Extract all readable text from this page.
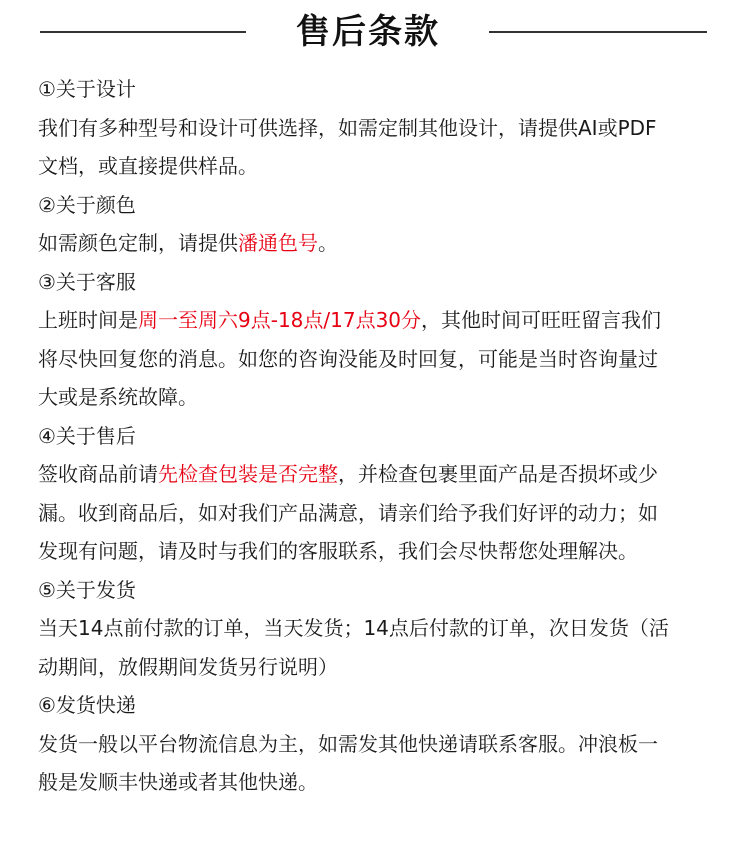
售后条款
①关于设计
我们有多种型号和设计可供选择，如需定制其他设计，请提供AI或PDF
文档，或直接提供样品。
②关于颜色
如需颜色定制，请提供潘通色号。
③关于客服
上班时间是周一至周六9点-18点/17点30分，其他时间可旺旺留言我们
将尽快回复您的消息。如您的咨询没能及时回复，可能是当时咨询量过
大或是系统故障。
④关于售后
签收商品前请先检查包装是否完整，并检查包裹里面产品是否损坏或少
漏。收到商品后，如对我们产品满意，请亲们给予我们好评的动力；如
发现有问题，请及时与我们的客服联系，我们会尽快帮您处理解决。
⑤关于发货
当天14点前付款的订单，当天发货；14点后付款的订单，次日发货（活
动期间，放假期间发货另行说明）
⑥发货快递
发货一般以平台物流信息为主，如需发其他快递请联系客服。冲浪板一
般是发顺丰快递或者其他快递。
